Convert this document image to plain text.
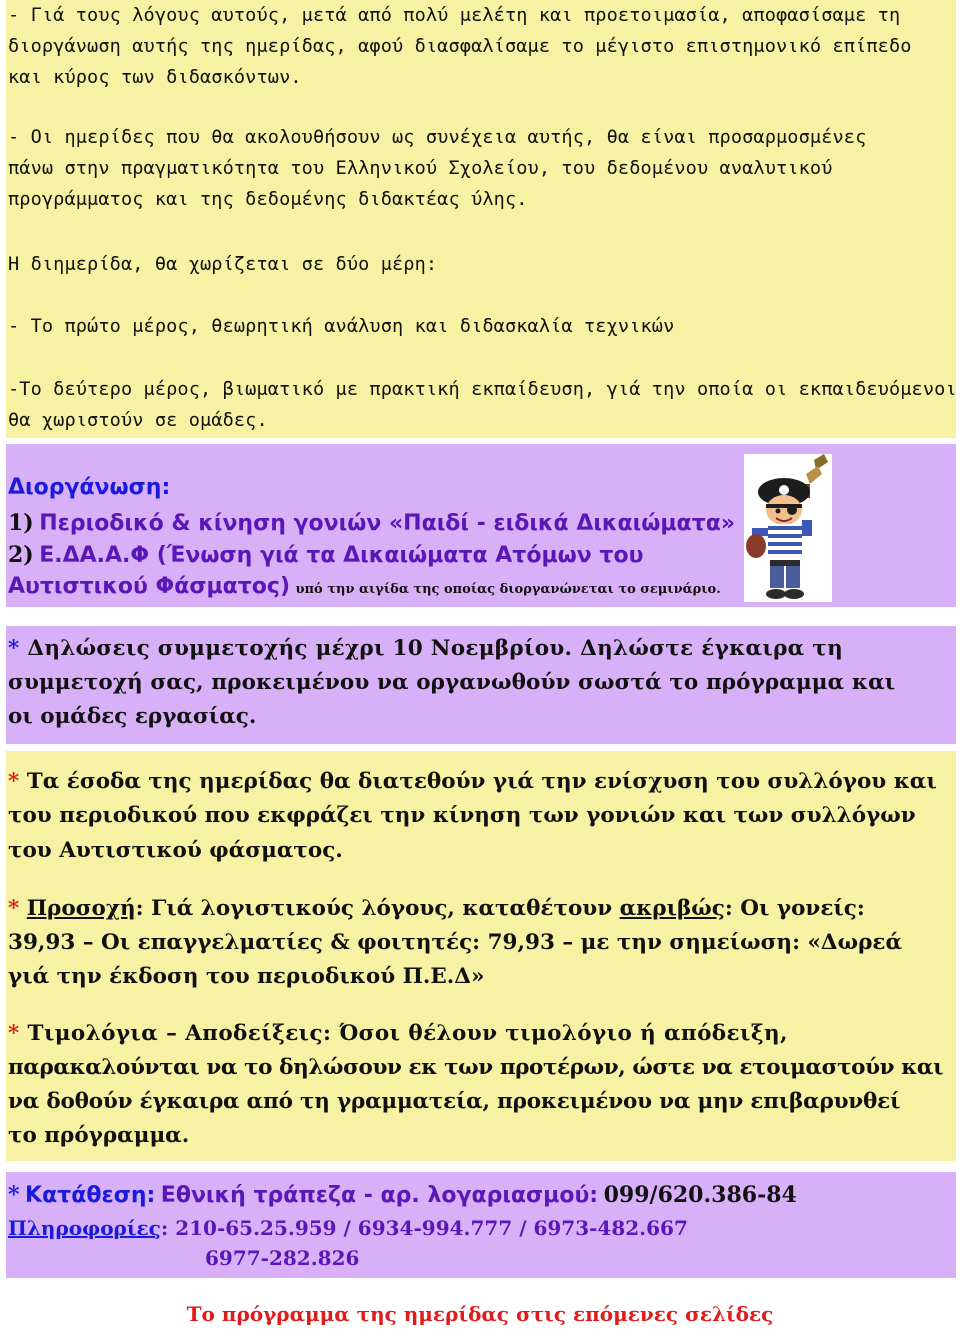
- Γιά τους λόγους αυτούς, μετά από πολύ μελέτη και προετοιμασία, αποφασίσαμε τη
διοργάνωση αυτής της ημερίδας, αφού διασφαλίσαμε το μέγιστο επιστημονικό επίπεδο
και κύρος των διδασκόντων.
- Οι ημερίδες που θα ακολουθήσουν ως συνέχεια αυτής, θα είναι προσαρμοσμένες
πάνω στην πραγματικότητα του Ελληνικού Σχολείου, του δεδομένου αναλυτικού
προγράμματος και της δεδομένης διδακτέας ύλης.
Η διημερίδα, θα χωρίζεται σε δύο μέρη:
- Το πρώτο μέρος, θεωρητική ανάλυση και διδασκαλία τεχνικών
-Το δεύτερο μέρος, βιωματικό με πρακτική εκπαίδευση, γιά την οποία οι εκπαιδευόμενοι
θα χωριστούν σε ομάδες.
Διοργάνωση:
1) Περιοδικό & κίνηση γονιών «Παιδί - ειδικά Δικαιώματα»
2) Ε.ΔΑ.Α.Φ (Ένωση γιά τα Δικαιώματα Ατόμων του
Αυτιστικού Φάσματος) υπό την αιγίδα της οποίας διοργανώνεται το σεμινάριο.
* Δηλώσεις συμμετοχής μέχρι 10 Νοεμβρίου. Δηλώστε έγκαιρα τη
συμμετοχή σας, προκειμένου να οργανωθούν σωστά το πρόγραμμα και
οι ομάδες εργασίας.
* Τα έσοδα της ημερίδας θα διατεθούν γιά την ενίσχυση του συλλόγου και
του περιοδικού που εκφράζει την κίνηση των γονιών και των συλλόγων
του Αυτιστικού φάσματος.
* Προσοχή: Γιά λογιστικούς λόγους, καταθέτουν ακριβώς: Οι γονείς:
39,93 – Οι επαγγελματίες & φοιτητές: 79,93 – με την σημείωση: «Δωρεά
γιά την έκδοση του περιοδικού Π.Ε.Δ»
* Τιμολόγια – Αποδείξεις: Όσοι θέλουν τιμολόγιο ή απόδειξη,
παρακαλούνται να το δηλώσουν εκ των προτέρων, ώστε να ετοιμαστούν και
να δοθούν έγκαιρα από τη γραμματεία, προκειμένου να μην επιβαρυνθεί
το πρόγραμμα.
* Κατάθεση: Εθνική τράπεζα - αρ. λογαριασμού: 099/620.386-84
Πληροφορίες: 210-65.25.959 / 6934-994.777 / 6973-482.667
6977-282.826
Το πρόγραμμα της ημερίδας στις επόμενες σελίδες
